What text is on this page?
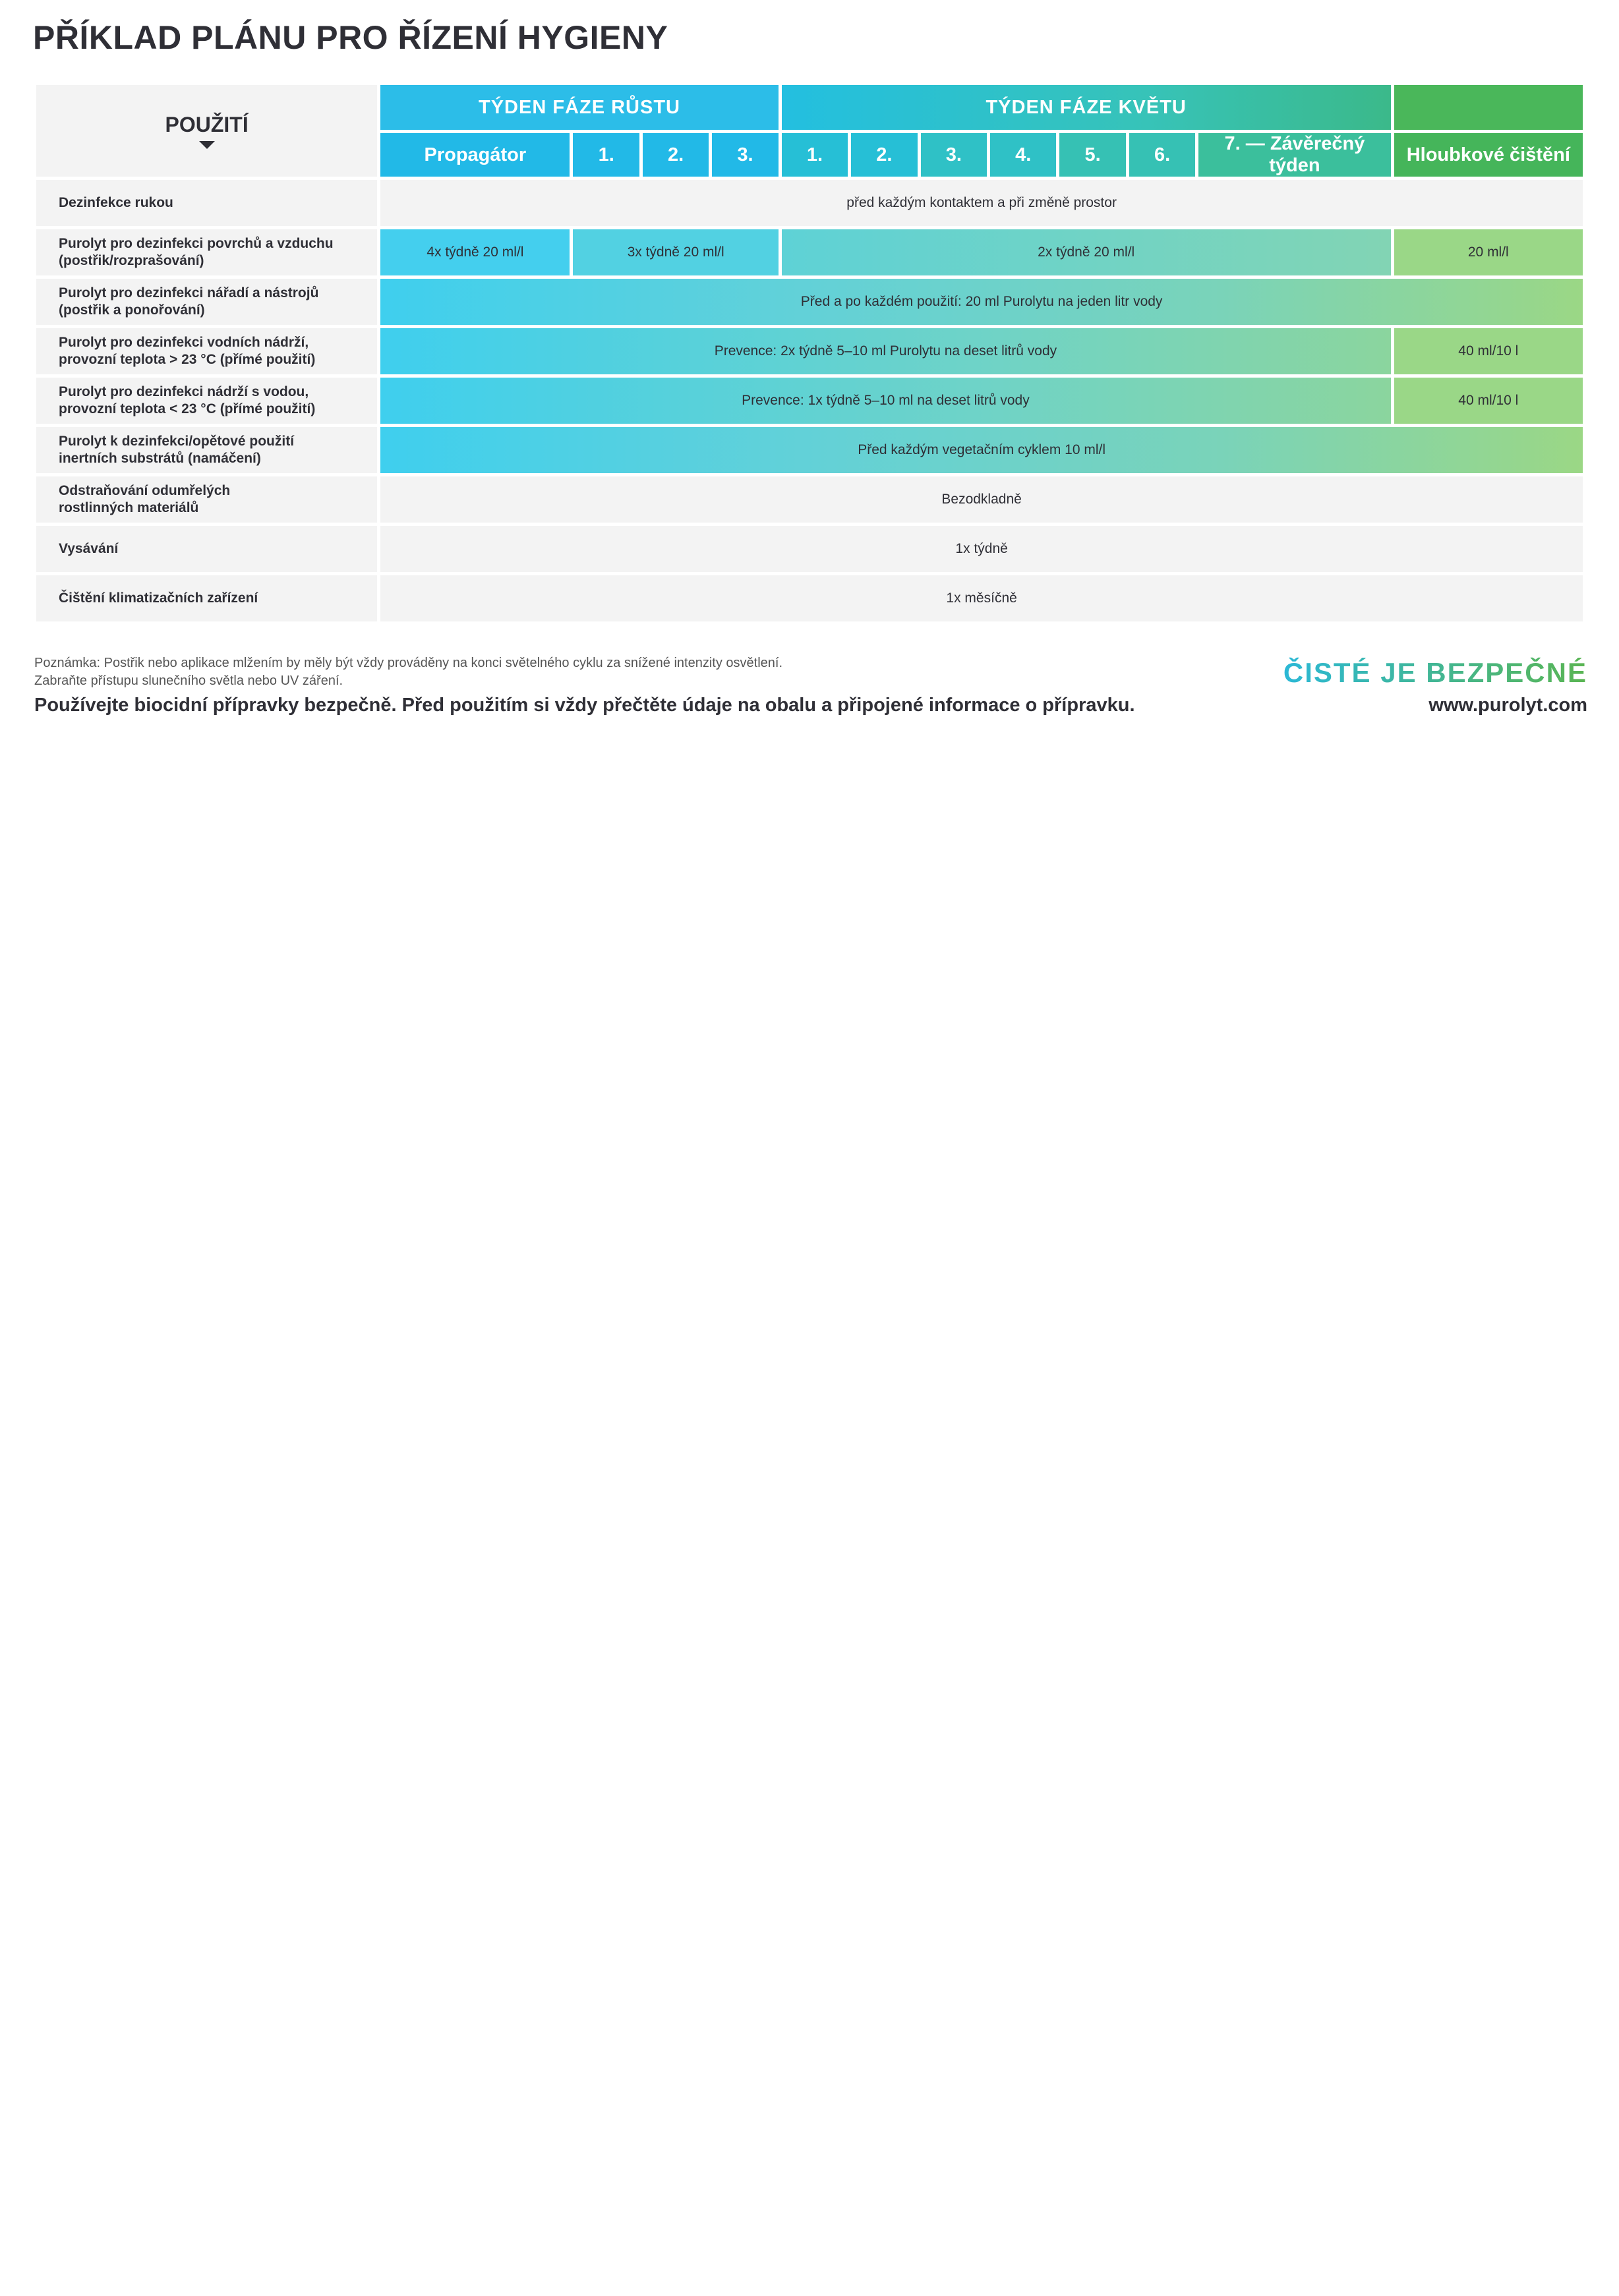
PŘÍKLAD PLÁNU PRO ŘÍZENÍ HYGIENY
POUŽITÍ	TÝDEN FÁZE RŮSTU				TÝDEN FÁZE KVĚTU							
	Propagátor	1.	2.	3.	1.	2.	3.	4.	5.	6.	7. — Závěrečný týden	Hloubkové čištění
Dezinfekce rukou	před každým kontaktem a při změně prostor											
Purolyt pro dezinfekci povrchů a vzduchu
(postřik/rozprašování)	4x týdně 20 ml/l	3x týdně 20 ml/l			2x týdně 20 ml/l							20 ml/l
Purolyt pro dezinfekci nářadí a nástrojů
(postřik a ponořování)	Před a po každém použití: 20 ml Purolytu na jeden litr vody											
Purolyt pro dezinfekci vodních nádrží,
provozní teplota > 23 °C (přímé použití)	Prevence: 2x týdně 5–10 ml Purolytu na deset litrů vody											40 ml/10 l
Purolyt pro dezinfekci nádrží s vodou,
provozní teplota < 23 °C (přímé použití)	Prevence: 1x týdně 5–10 ml na deset litrů vody											40 ml/10 l
Purolyt k dezinfekci/opětové použití
inertních substrátů (namáčení)	Před každým vegetačním cyklem 10 ml/l											
Odstraňování odumřelých
rostlinných materiálů	Bezodkladně											
Vysávání	1x týdně											
Čištění klimatizačních zařízení	1x měsíčně											
Poznámka: Postřik nebo aplikace mlžením by měly být vždy prováděny na konci světelného cyklu za snížené intenzity osvětlení.
Zabraňte přístupu slunečního světla nebo UV záření.
Používejte biocidní přípravky bezpečně. Před použitím si vždy přečtěte údaje na obalu a připojené informace o přípravku.
ČISTÉ JE BEZPEČNÉ
www.purolyt.com
